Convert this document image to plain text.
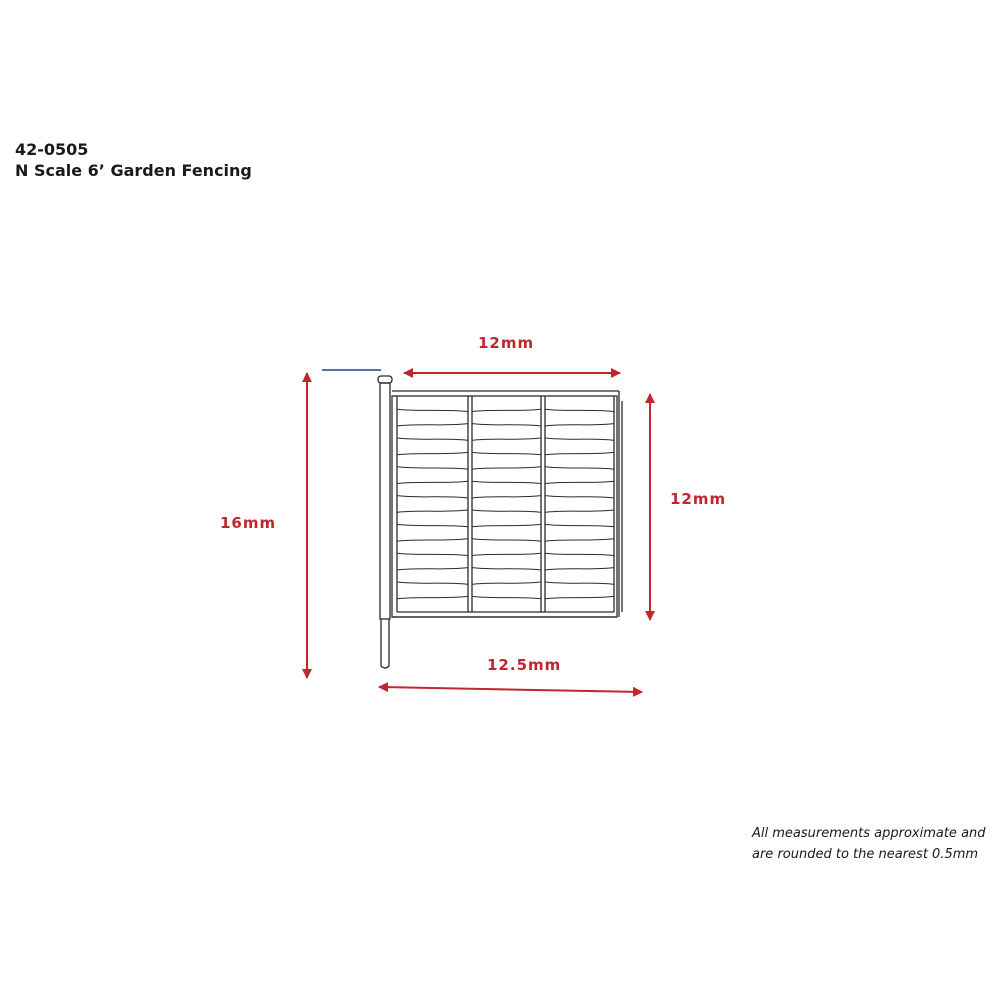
42-0505
N Scale 6’ Garden Fencing
12mm
16mm
12mm
12.5mm
All measurements approximate and
are rounded to the nearest 0.5mm
